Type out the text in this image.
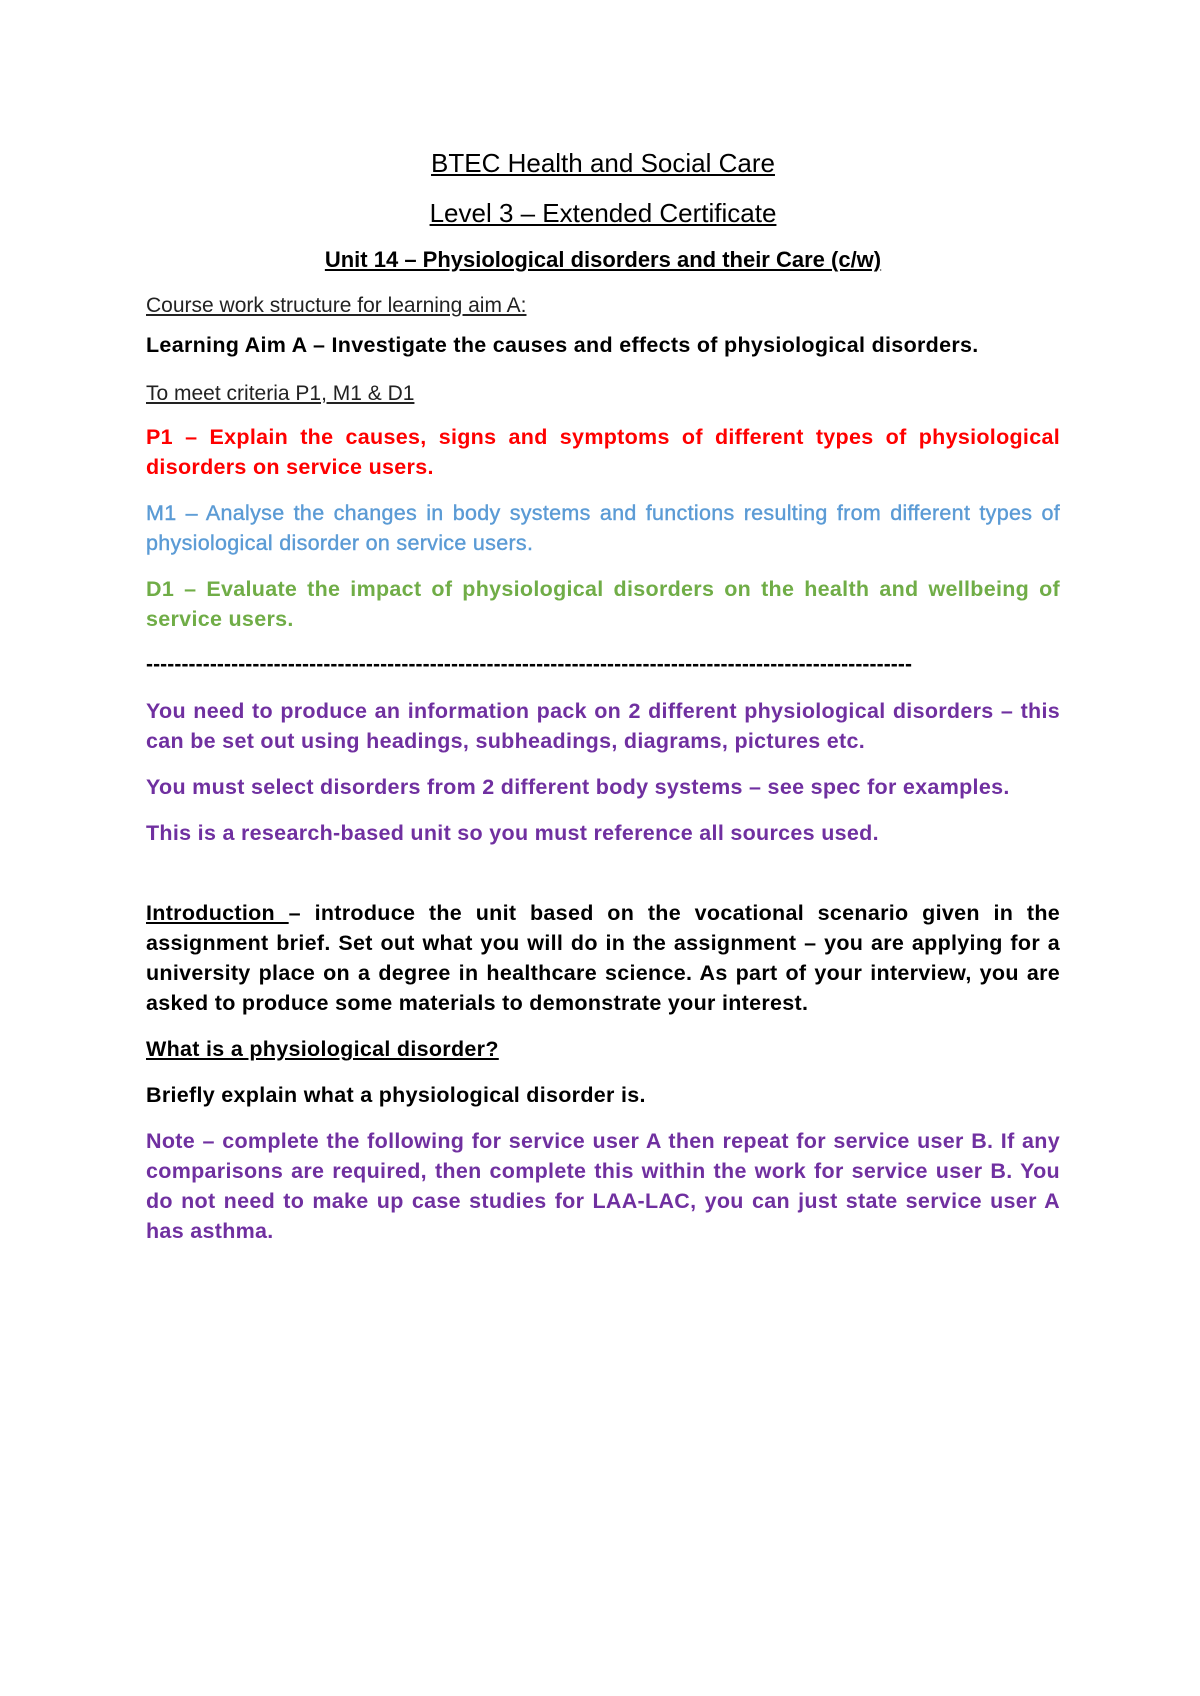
BTEC Health and Social Care

Level 3 – Extended Certificate

Unit 14 – Physiological disorders and their Care (c/w)

Course work structure for learning aim A:

Learning Aim A – Investigate the causes and effects of physiological disorders.

To meet criteria P1, M1 & D1

P1 – Explain the causes, signs and symptoms of different types of physiological disorders on service users.

M1 – Analyse the changes in body systems and functions resulting from different types of physiological disorder on service users.

D1 – Evaluate the impact of physiological disorders on the health and wellbeing of service users.

------------------------------------------------------------------------------------------------------------

You need to produce an information pack on 2 different physiological disorders – this can be set out using headings, subheadings, diagrams, pictures etc.

You must select disorders from 2 different body systems – see spec for examples.

This is a research-based unit so you must reference all sources used.

Introduction – introduce the unit based on the vocational scenario given in the assignment brief. Set out what you will do in the assignment – you are applying for a university place on a degree in healthcare science. As part of your interview, you are asked to produce some materials to demonstrate your interest.

What is a physiological disorder?

Briefly explain what a physiological disorder is.

Note – complete the following for service user A then repeat for service user B. If any comparisons are required, then complete this within the work for service user B. You do not need to make up case studies for LAA-LAC, you can just state service user A has asthma.
